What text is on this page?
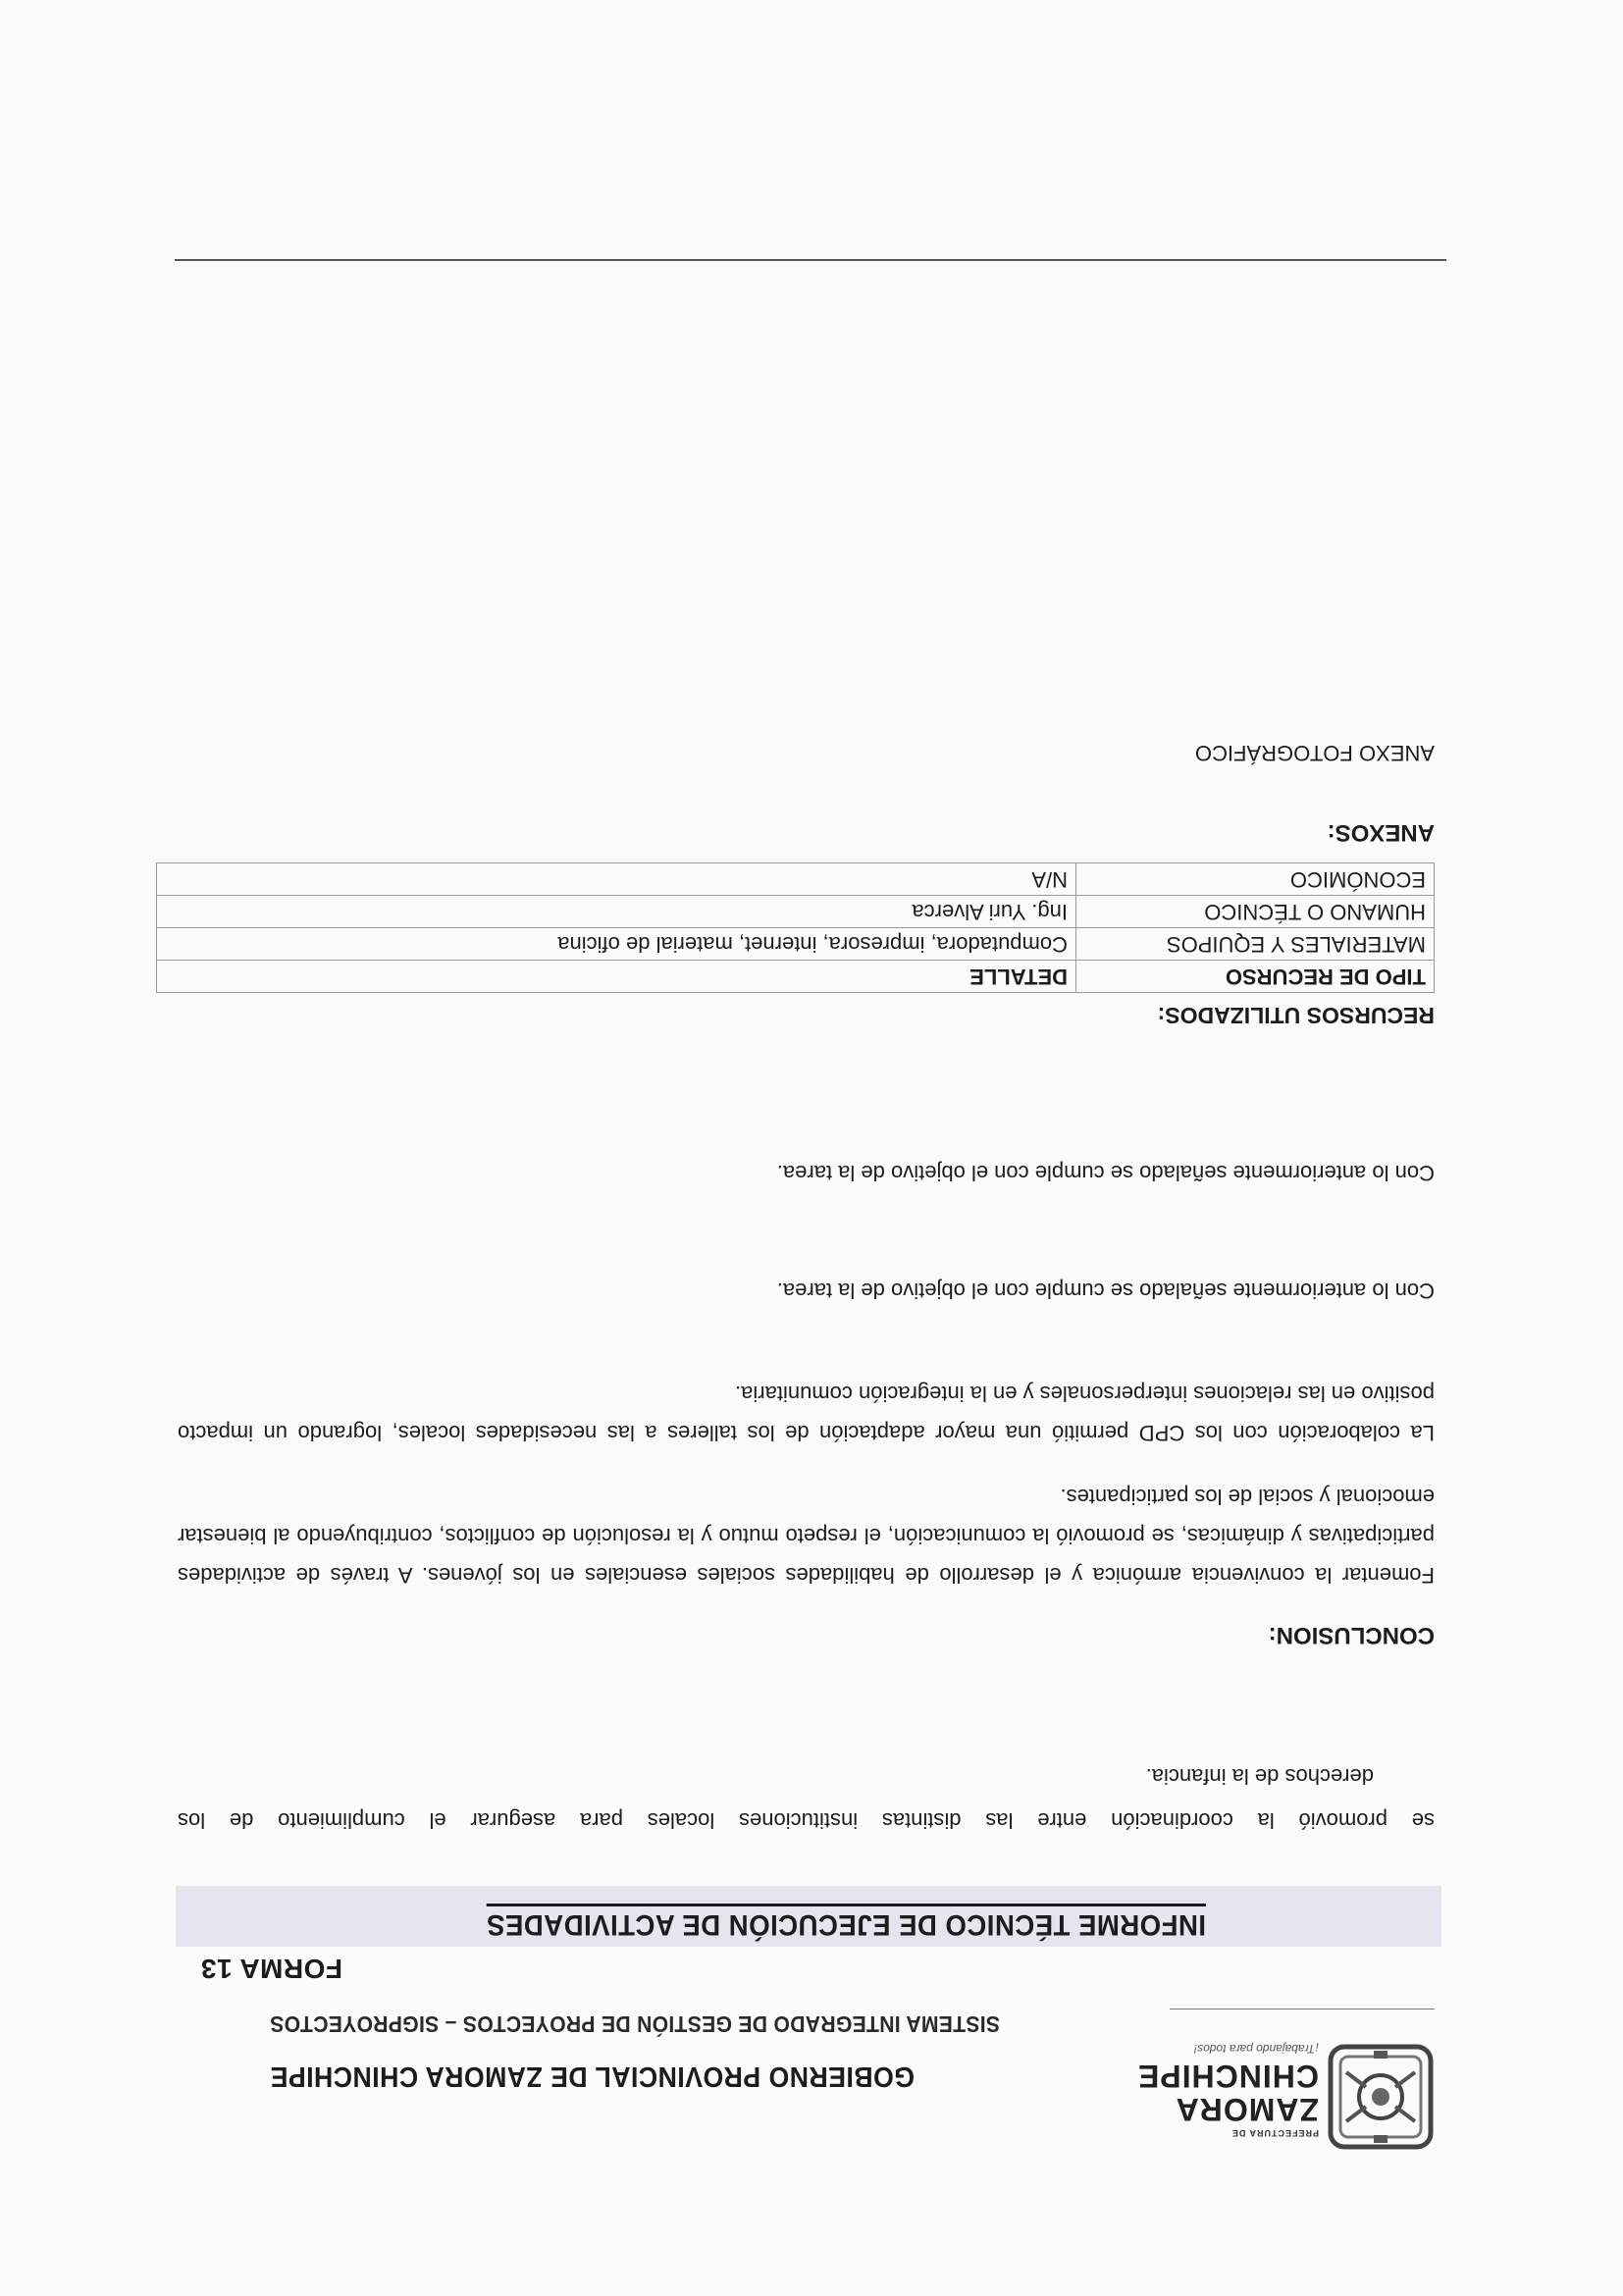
PREFECTURA DE
ZAMORA
CHINCHIPE
¡Trabajando para todos!
GOBIERNO PROVINCIAL DE ZAMORA CHINCHIPE
SISTEMA INTEGRADO DE GESTIÓN DE PROYECTOS – SIGPROYECTOS
FORMA 13
INFORME TÉCNICO DE EJECUCIÓN DE ACTIVIDADES
se promovió la coordinación entre las distintas instituciones locales para asegurar el cumplimiento de los
derechos de la infancia.
CONCLUSION:
Fomentar la convivencia armónica y el desarrollo de habilidades sociales esenciales en los jóvenes. A través de actividades participativas y dinámicas, se promovió la comunicación, el respeto mutuo y la resolución de conflictos, contribuyendo al bienestar emocional y social de los participantes.
La colaboración con los CPD permitió una mayor adaptación de los talleres a las necesidades locales, logrando un impacto positivo en las relaciones interpersonales y en la integración comunitaria.
Con lo anteriormente señalado se cumple con el objetivo de la tarea.
Con lo anteriormente señalado se cumple con el objetivo de la tarea.
RECURSOS UTILIZADOS:
TIPO DE RECURSO	DETALLE
MATERIALES Y EQUIPOS	Computadora, impresora, internet, material de oficina
HUMANO O TÉCNICO	Ing. Yuri Alverca
ECONÓMICO	N/A
ANEXOS:
ANEXO FOTOGRÁFICO
